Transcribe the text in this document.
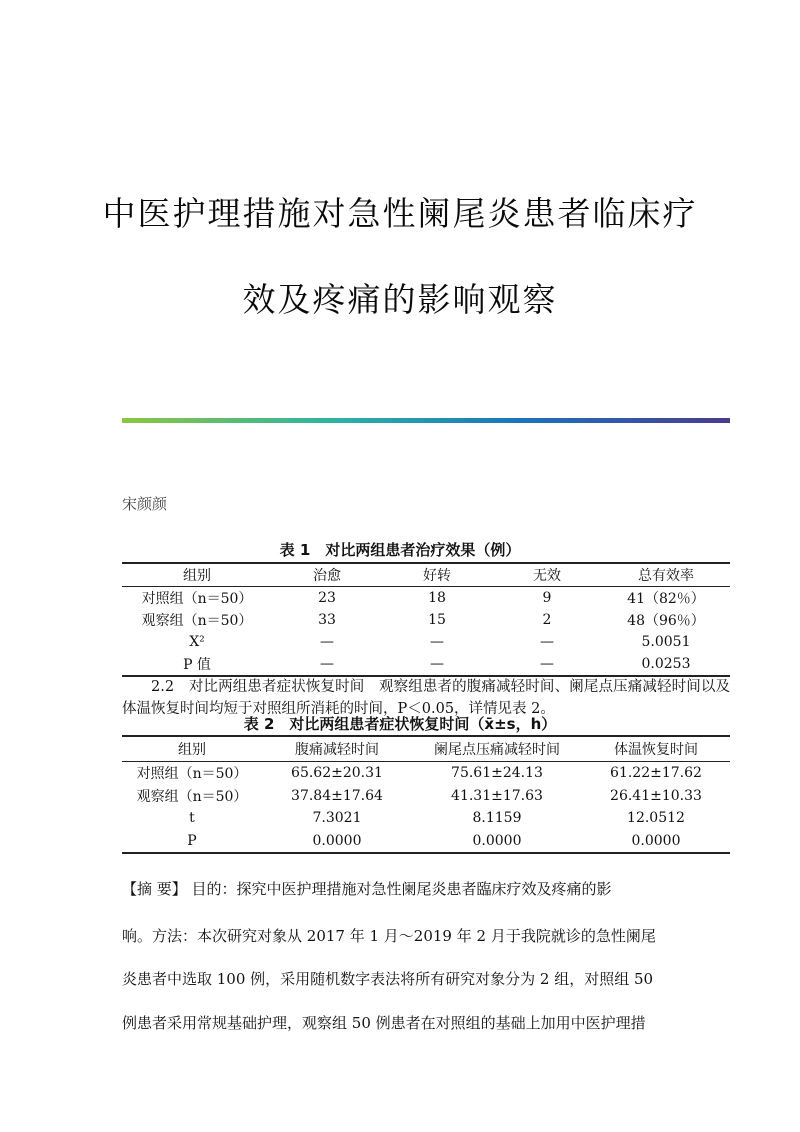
中医护理措施对急性阑尾炎患者临床疗
效及疼痛的影响观察
宋颜颜
表 1　对比两组患者治疗效果（例）
组别	治愈	好转	无效	总有效率
对照组（n＝50）	23	18	9	41（82％）
观察组（n＝50）	33	15	2	48（96％）
X²	—	—	—	5.0051
P 值	—	—	—	0.0253
2.2　对比两组患者症状恢复时间　观察组患者的腹痛减轻时间、阑尾点压痛减轻时间以及体温恢复时间均短于对照组所消耗的时间，P＜0.05，详情见表 2。
表 2　对比两组患者症状恢复时间（x̄±s，h）
组别	腹痛减轻时间	阑尾点压痛减轻时间	体温恢复时间
对照组（n＝50）	65.62±20.31	75.61±24.13	61.22±17.62
观察组（n＝50）	37.84±17.64	41.31±17.63	26.41±10.33
t	7.3021	8.1159	12.0512
P	0.0000	0.0000	0.0000
【摘 要】 目的：探究中医护理措施对急性阑尾炎患者臨床疗效及疼痛的影
响。方法：本次研究对象从 2017 年 1 月～2019 年 2 月于我院就诊的急性阑尾
炎患者中选取 100 例，采用随机数字表法将所有研究对象分为 2 组，对照组 50
例患者采用常规基础护理，观察组 50 例患者在对照组的基础上加用中医护理措
